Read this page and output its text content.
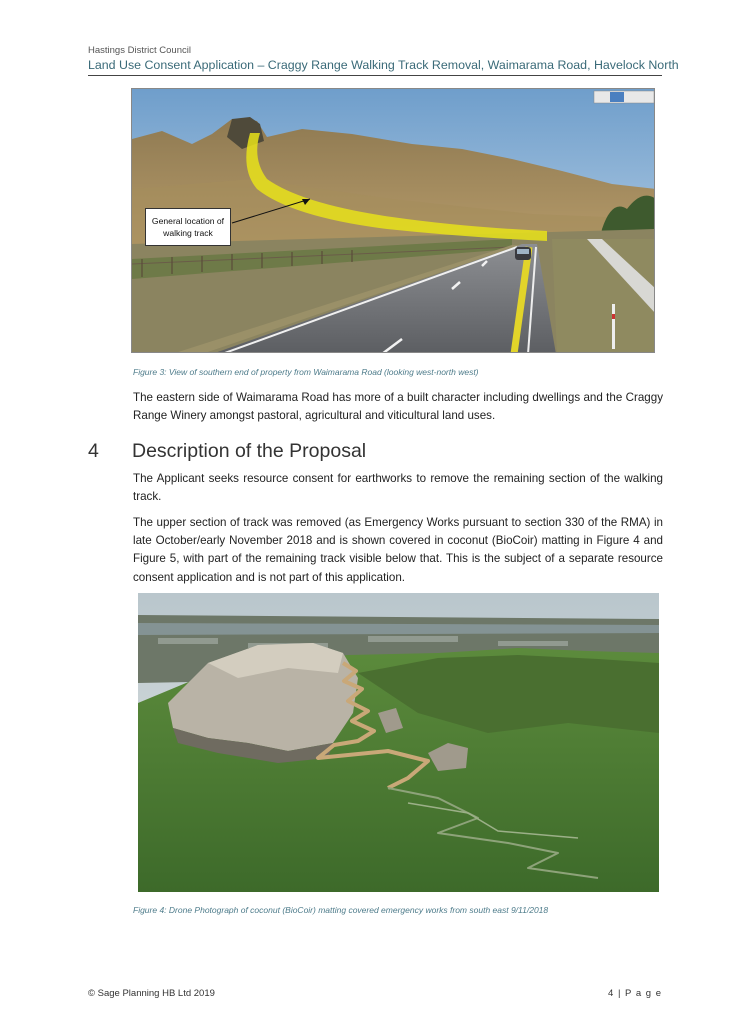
Hastings District Council
Land Use Consent Application – Craggy Range Walking Track Removal, Waimarama Road, Havelock North
General location of walking track
Figure 3: View of southern end of property from Waimarama Road (looking west-north west)
The eastern side of Waimarama Road has more of a built character including dwellings and the Craggy Range Winery amongst pastoral, agricultural and viticultural land uses.
4 Description of the Proposal
The Applicant seeks resource consent for earthworks to remove the remaining section of the walking track.
The upper section of track was removed (as Emergency Works pursuant to section 330 of the RMA) in late October/early November 2018 and is shown covered in coconut (BioCoir) matting in Figure 4 and Figure 5, with part of the remaining track visible below that. This is the subject of a separate resource consent application and is not part of this application.
Figure 4: Drone Photograph of coconut (BioCoir) matting covered emergency works from south east 9/11/2018
© Sage Planning HB Ltd 2019	4 | P a g e
